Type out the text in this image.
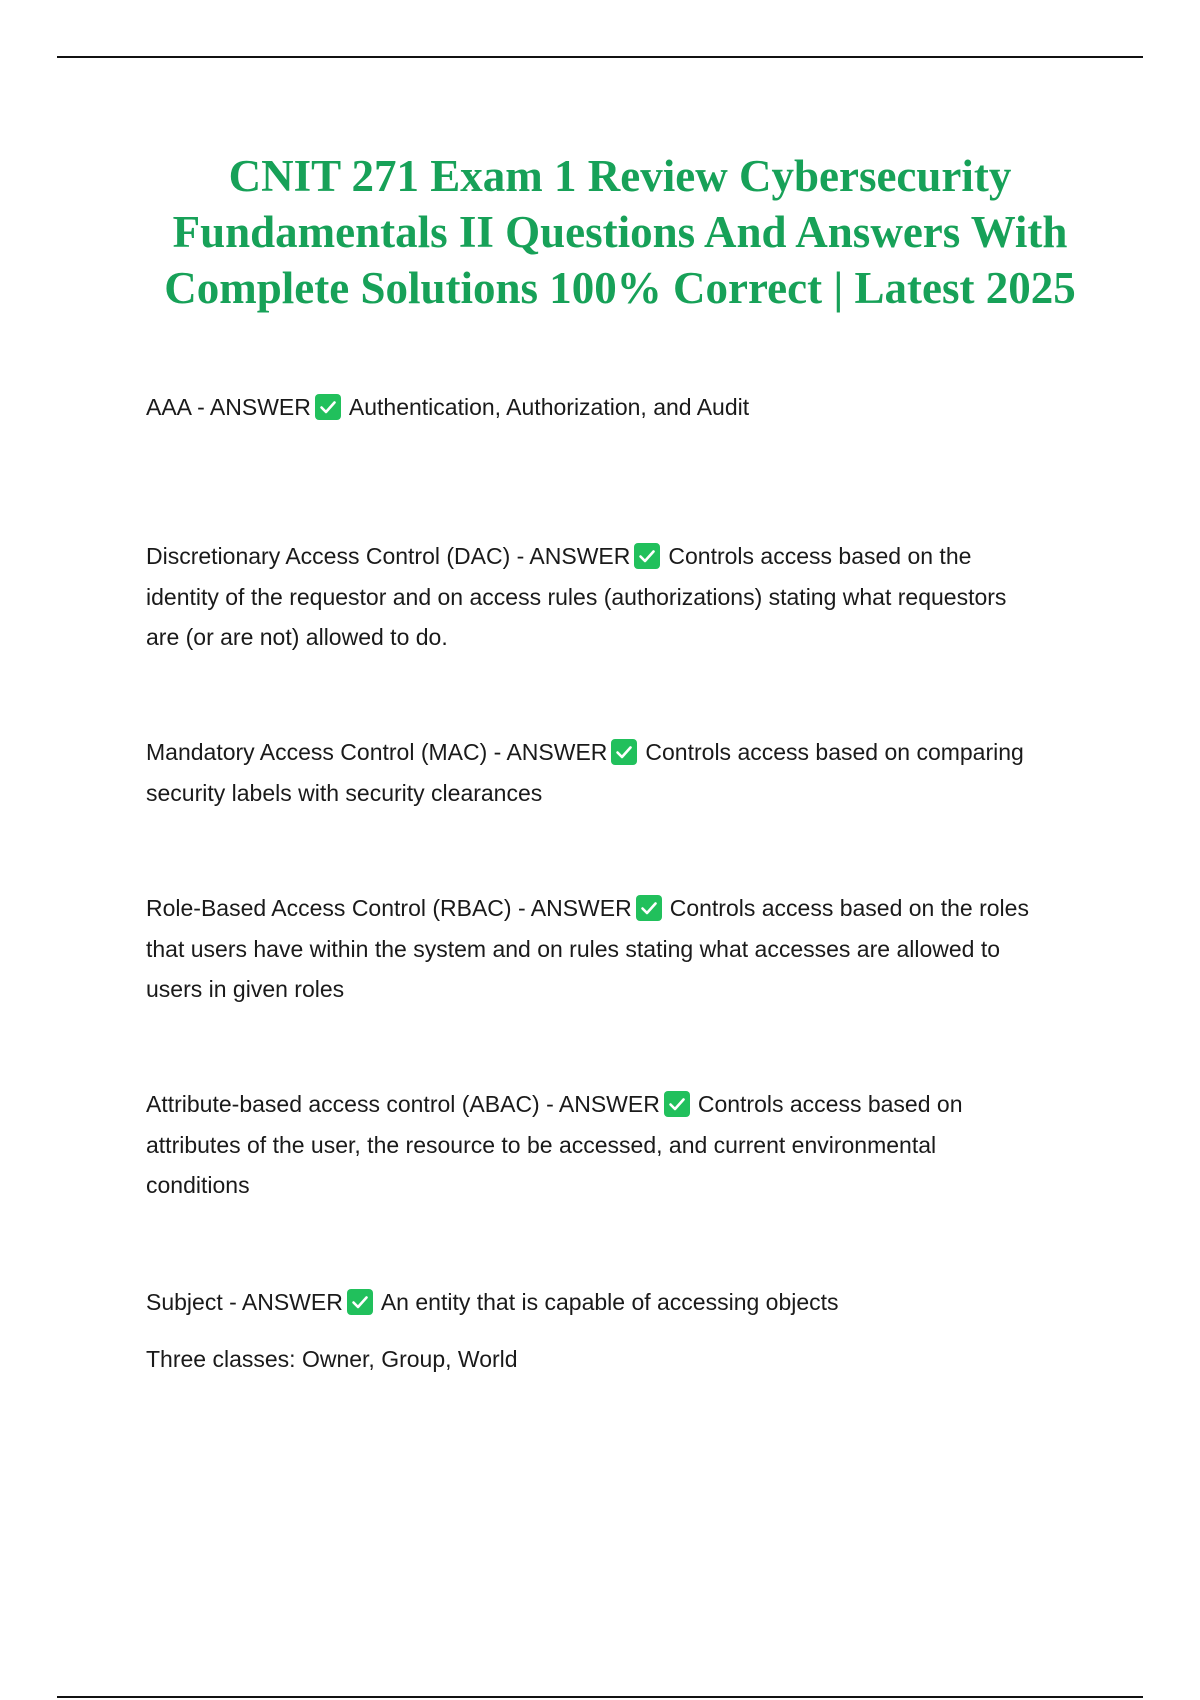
CNIT 271 Exam 1 Review Cybersecurity Fundamentals II Questions And Answers With Complete Solutions 100% Correct | Latest 2025

AAA - ANSWER Authentication, Authorization, and Audit

Discretionary Access Control (DAC) - ANSWER Controls access based on the identity of the requestor and on access rules (authorizations) stating what requestors are (or are not) allowed to do.

Mandatory Access Control (MAC) - ANSWER Controls access based on comparing security labels with security clearances

Role-Based Access Control (RBAC) - ANSWER Controls access based on the roles that users have within the system and on rules stating what accesses are allowed to users in given roles

Attribute-based access control (ABAC) - ANSWER Controls access based on attributes of the user, the resource to be accessed, and current environmental conditions

Subject - ANSWER An entity that is capable of accessing objects

Three classes: Owner, Group, World
